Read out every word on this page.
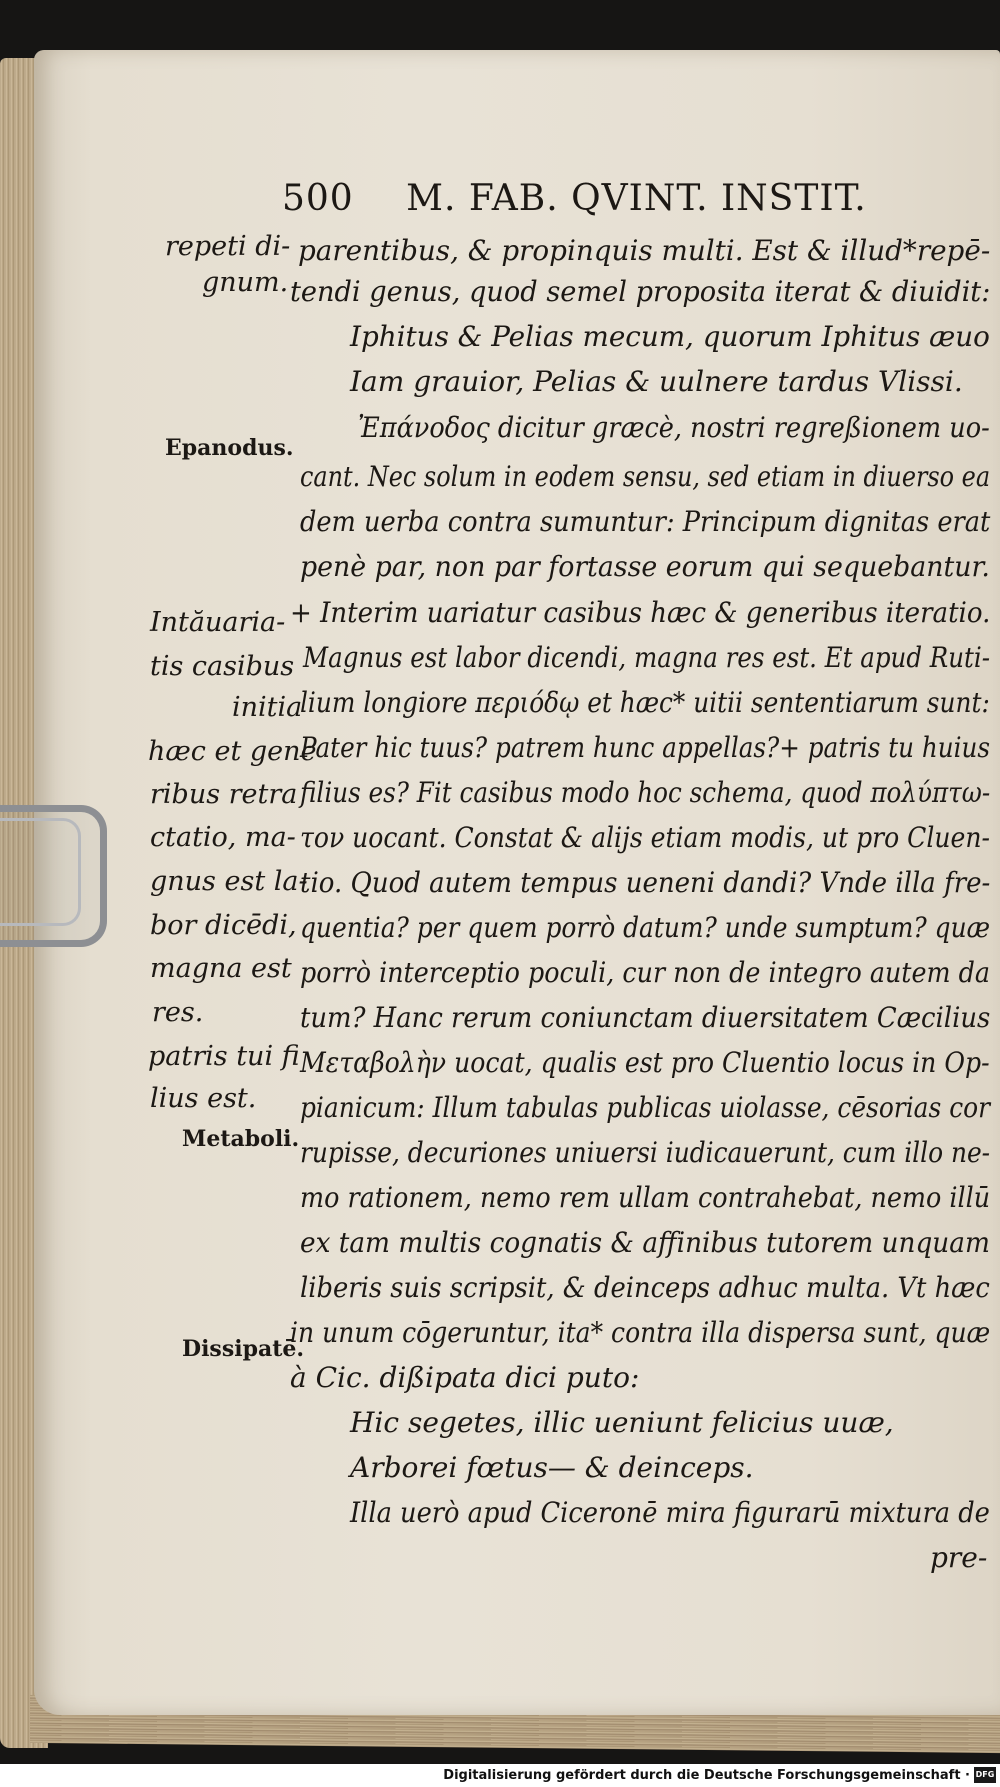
500 M. FAB. QVINT. INSTIT.
repeti di-
gnum.
Epanodus.
Intăuaria-
tis casibus
initia
hæc et gene
ribus retra
ctatio, ma-
gnus est la-
bor dicēdi,
magna est
res.
patris tui fi
lius est.
Metaboli.
Dissipatē.
parentibus, & propinquis multi. Est & illud*repē-
tendi genus, quod semel proposita iterat & diuidit:
Iphitus & Pelias mecum, quorum Iphitus æuo
Iam grauior, Pelias & uulnere tardus Vlissi.
Ἐπάνοδος dicitur græcè, nostri regreßionem uo-
cant. Nec solum in eodem sensu, sed etiam in diuerso ea
dem uerba contra sumuntur: Principum dignitas erat
penè par, non par fortasse eorum qui sequebantur.
+ Interim uariatur casibus hæc & generibus iteratio.
Magnus est labor dicendi, magna res est. Et apud Ruti-
lium longiore περιόδῳ et hæc* uitii sententiarum sunt:
Pater hic tuus? patrem hunc appellas?+ patris tu huius
filius es? Fit casibus modo hoc schema, quod πολύπτω-
τον uocant. Constat & alijs etiam modis, ut pro Cluen-
tio. Quod autem tempus ueneni dandi? Vnde illa fre-
quentia? per quem porrò datum? unde sumptum? quæ
porrò interceptio poculi, cur non de integro autem da
tum? Hanc rerum coniunctam diuersitatem Cæcilius
Μεταβολὴν uocat, qualis est pro Cluentio locus in Op-
pianicum: Illum tabulas publicas uiolasse, cēsorias cor
rupisse, decuriones uniuersi iudicauerunt, cum illo ne-
mo rationem, nemo rem ullam contrahebat, nemo illū
ex tam multis cognatis & affinibus tutorem unquam
liberis suis scripsit, & deinceps adhuc multa. Vt hæc
in unum cōgeruntur, ita* contra illa dispersa sunt, quæ
à Cic. dißipata dici puto:
Hic segetes, illic ueniunt felicius uuæ,
Arborei fœtus— & deinceps.
Illa uerò apud Ciceronē mira figurarū mixtura de
pre-
Digitalisierung gefördert durch die Deutsche Forschungsgemeinschaft · DFG
